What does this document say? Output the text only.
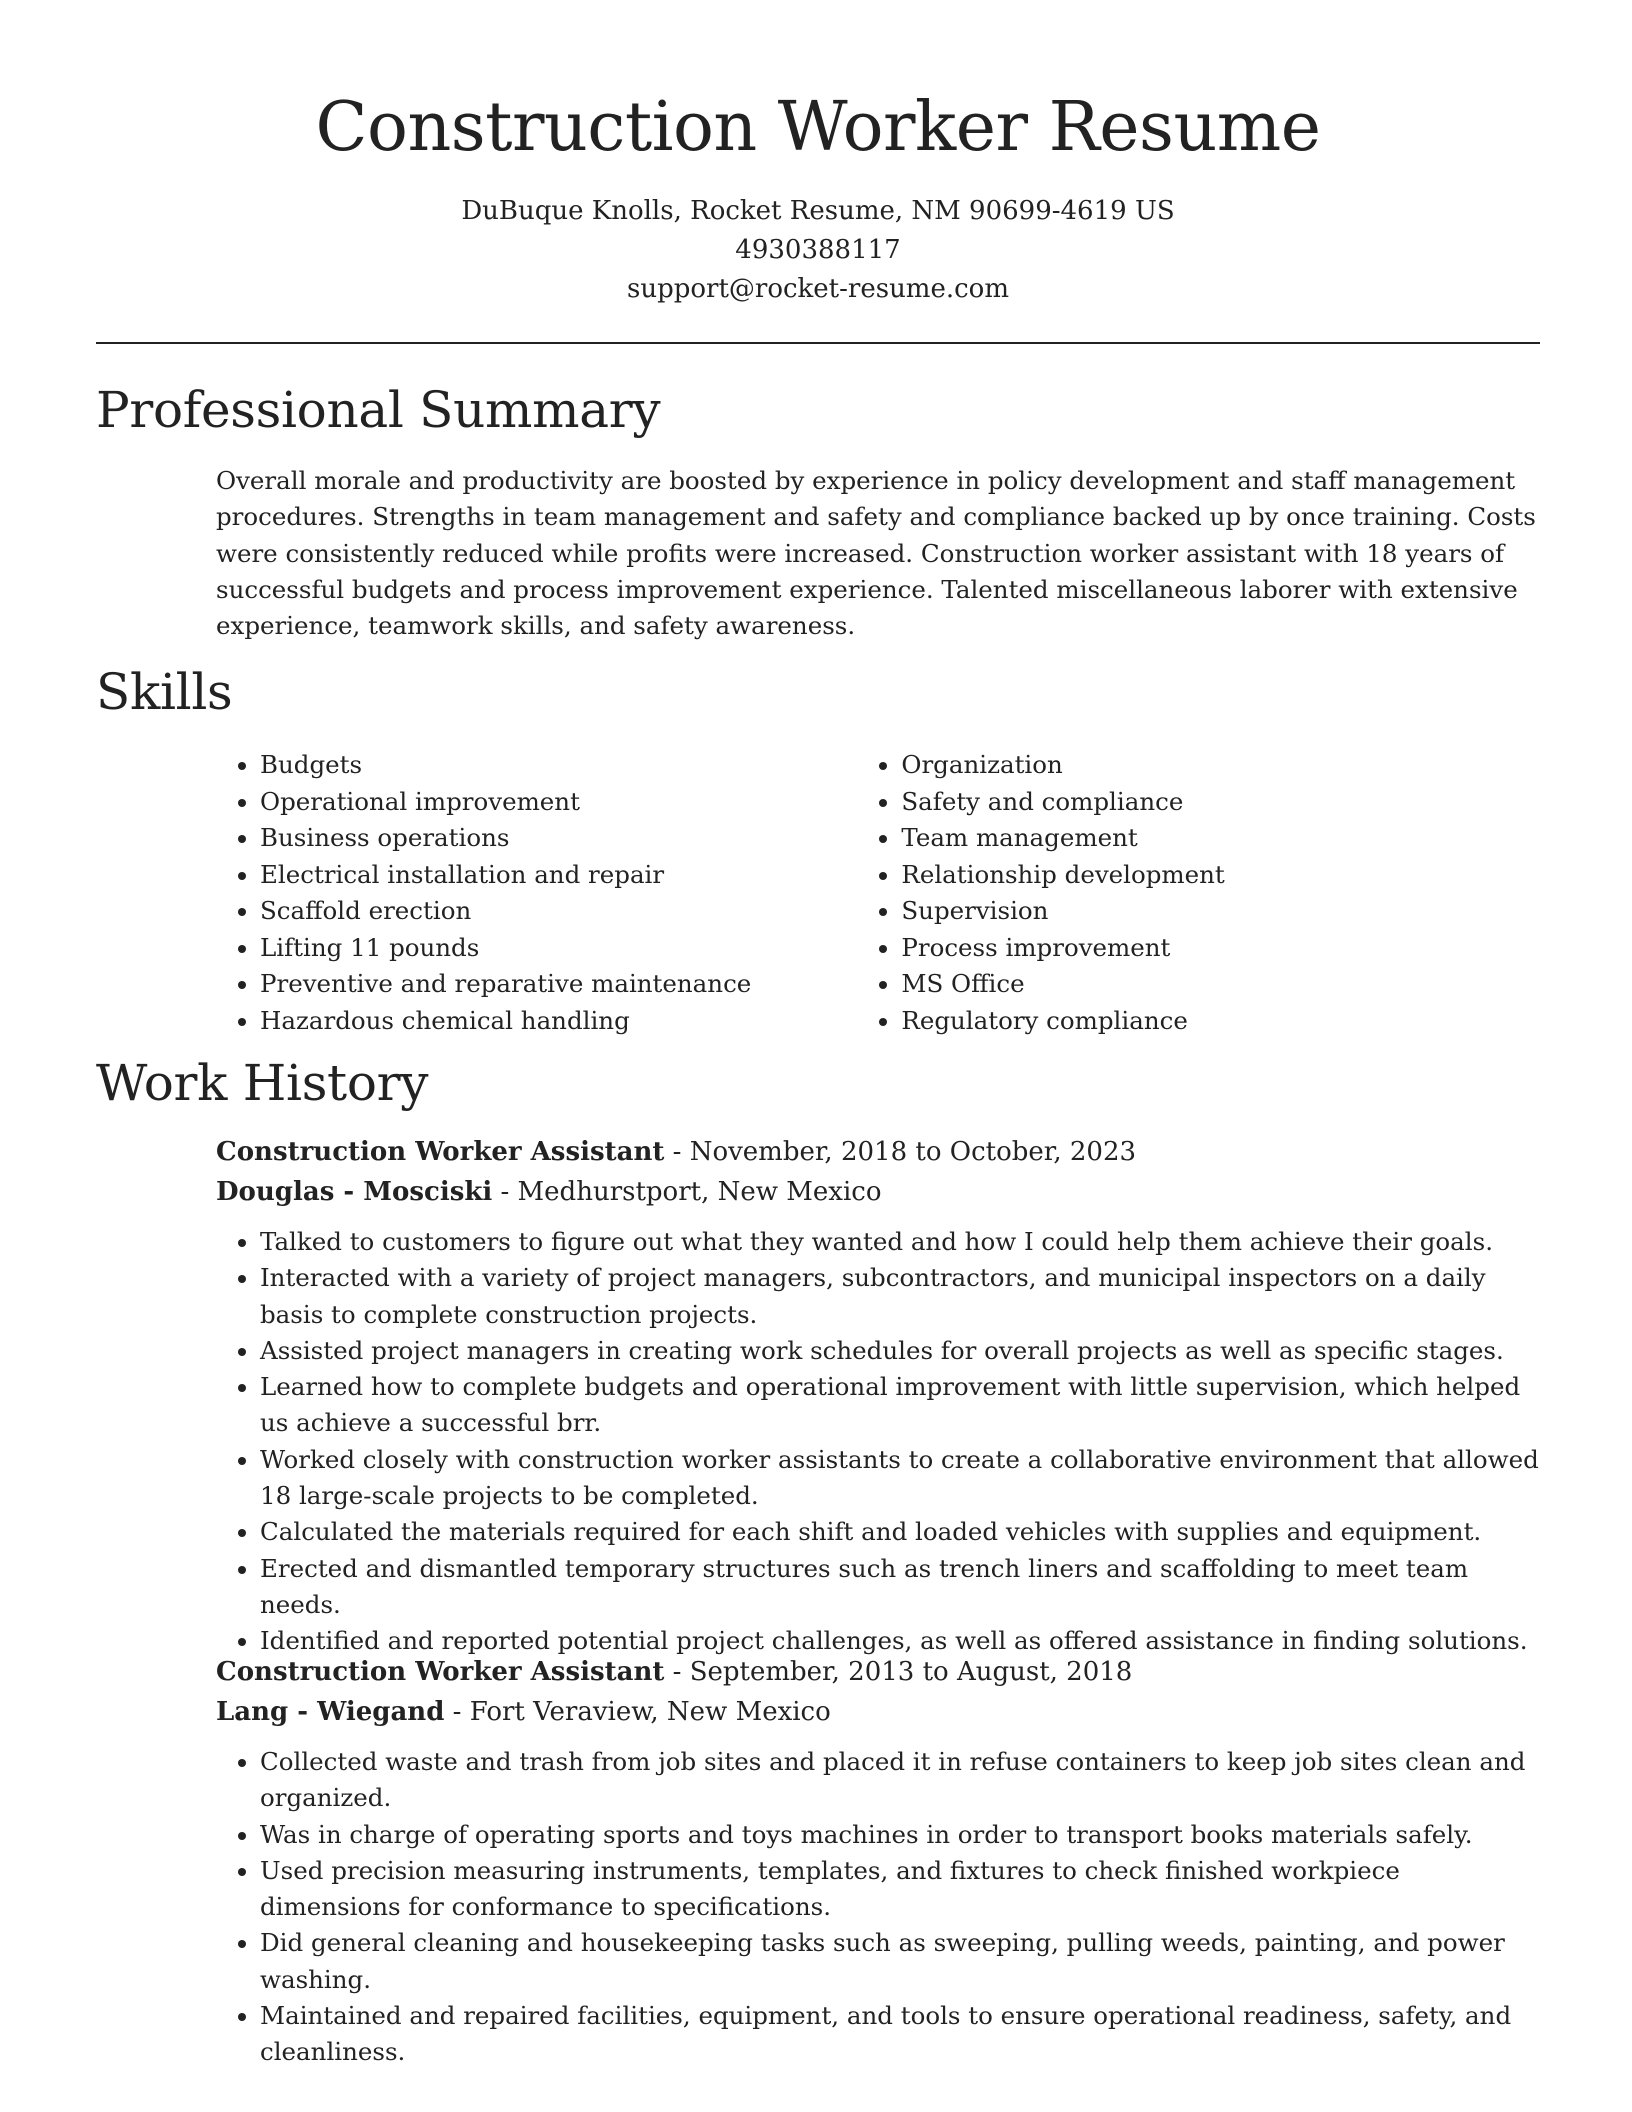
Construction Worker Resume
DuBuque Knolls, Rocket Resume, NM 90699-4619 US
4930388117
support@rocket-resume.com
Professional Summary
Overall morale and productivity are boosted by experience in policy development and staff management procedures. Strengths in team management and safety and compliance backed up by once training. Costs were consistently reduced while profits were increased. Construction worker assistant with 18 years of successful budgets and process improvement experience. Talented miscellaneous laborer with extensive experience, teamwork skills, and safety awareness.
Skills
• Budgets
• Operational improvement
• Business operations
• Electrical installation and repair
• Scaffold erection
• Lifting 11 pounds
• Preventive and reparative maintenance
• Hazardous chemical handling
• Organization
• Safety and compliance
• Team management
• Relationship development
• Supervision
• Process improvement
• MS Office
• Regulatory compliance
Work History
Construction Worker Assistant - November, 2018 to October, 2023
Douglas - Mosciski - Medhurstport, New Mexico
• Talked to customers to figure out what they wanted and how I could help them achieve their goals.
• Interacted with a variety of project managers, subcontractors, and municipal inspectors on a daily basis to complete construction projects.
• Assisted project managers in creating work schedules for overall projects as well as specific stages.
• Learned how to complete budgets and operational improvement with little supervision, which helped us achieve a successful brr.
• Worked closely with construction worker assistants to create a collaborative environment that allowed 18 large-scale projects to be completed.
• Calculated the materials required for each shift and loaded vehicles with supplies and equipment.
• Erected and dismantled temporary structures such as trench liners and scaffolding to meet team needs.
• Identified and reported potential project challenges, as well as offered assistance in finding solutions.
Construction Worker Assistant - September, 2013 to August, 2018
Lang - Wiegand - Fort Veraview, New Mexico
• Collected waste and trash from job sites and placed it in refuse containers to keep job sites clean and organized.
• Was in charge of operating sports and toys machines in order to transport books materials safely.
• Used precision measuring instruments, templates, and fixtures to check finished workpiece dimensions for conformance to specifications.
• Did general cleaning and housekeeping tasks such as sweeping, pulling weeds, painting, and power washing.
• Maintained and repaired facilities, equipment, and tools to ensure operational readiness, safety, and cleanliness.
